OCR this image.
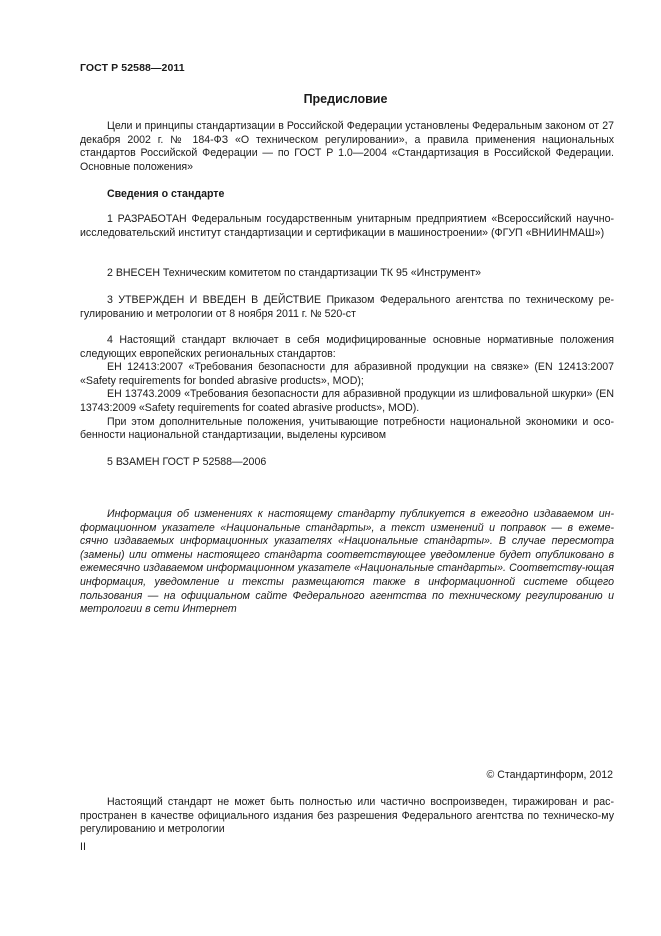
ГОСТ Р 52588—2011
Предисловие

Цели и принципы стандартизации в Российской Федерации установлены Федеральным законом от 27 декабря 2002 г. № 184-ФЗ «О техническом регулировании», а правила применения национальных стандартов Российской Федерации — по ГОСТ Р 1.0—2004 «Стандартизация в Российской Федерации. Основные положения»

Сведения о стандарте

1 РАЗРАБОТАН Федеральным государственным унитарным предприятием «Всероссийский научно-исследовательский институт стандартизации и сертификации в машиностроении» (ФГУП «ВНИИНМАШ»)

2 ВНЕСЕН Техническим комитетом по стандартизации ТК 95 «Инструмент»

3 УТВЕРЖДЕН И ВВЕДЕН В ДЕЙСТВИЕ Приказом Федерального агентства по техническому ре-гулированию и метрологии от 8 ноября 2011 г. № 520-ст

4 Настоящий стандарт включает в себя модифицированные основные нормативные положения следующих европейских региональных стандартов:

ЕН 12413:2007 «Требования безопасности для абразивной продукции на связке» (EN 12413:2007 «Safety requirements for bonded abrasive products», MOD);

ЕН 13743.2009 «Требования безопасности для абразивной продукции из шлифовальной шкурки» (EN 13743:2009 «Safety requirements for coated abrasive products», MOD).

При этом дополнительные положения, учитывающие потребности национальной экономики и осо-бенности национальной стандартизации, выделены курсивом

5 ВЗАМЕН ГОСТ Р 52588—2006

Информация об изменениях к настоящему стандарту публикуется в ежегодно издаваемом ин-формационном указателе «Национальные стандарты», а текст изменений и поправок — в ежеме-сячно издаваемых информационных указателях «Национальные стандарты». В случае пересмотра (замены) или отмены настоящего стандарта соответствующее уведомление будет опубликовано в ежемесячно издаваемом информационном указателе «Национальные стандарты». Соответству-ющая информация, уведомление и тексты размещаются также в информационной системе общего пользования — на официальном сайте Федерального агентства по техническому регулированию и метрологии в сети Интернет

© Стандартинформ, 2012

Настоящий стандарт не может быть полностью или частично воспроизведен, тиражирован и рас-пространен в качестве официального издания без разрешения Федерального агентства по техническо-му регулированию и метрологии

II
